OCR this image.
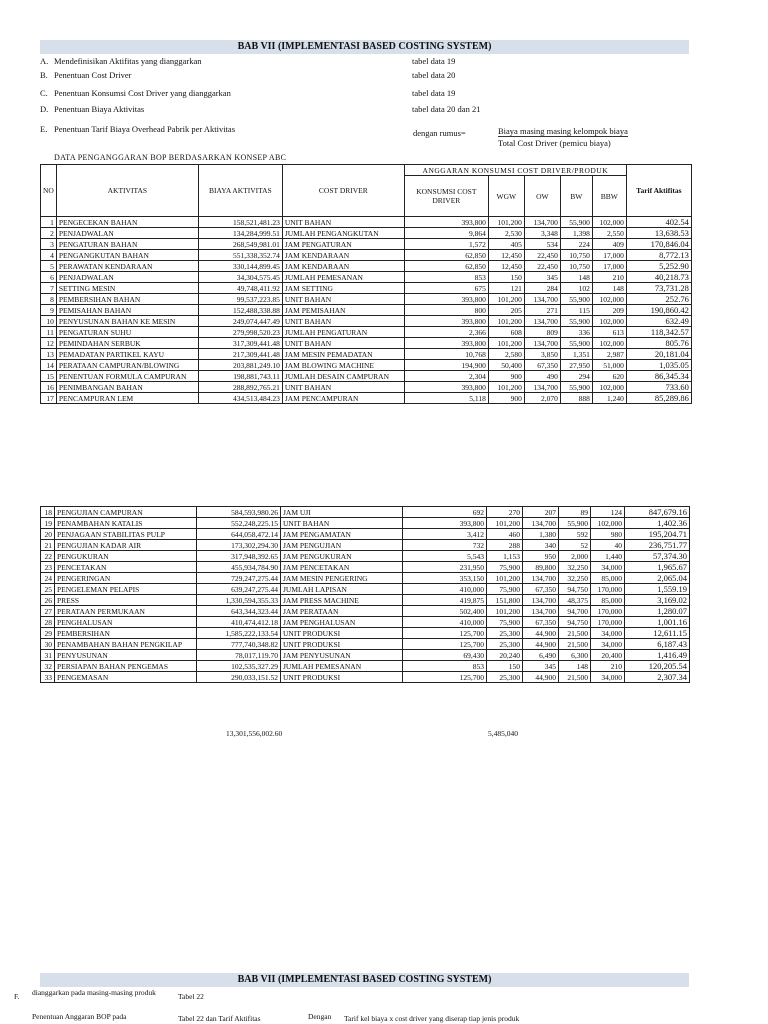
BAB VII (IMPLEMENTASI BASED COSTING SYSTEM)
A. Mendefinisikan Aktifitas yang dianggarkan	tabel data 19
B. Penentuan Cost Driver	tabel data 20
C. Penentuan Konsumsi Cost Driver yang dianggarkan	tabel data 19
D. Penentuan Biaya Aktivitas	tabel data 20 dan 21
E. Penentuan Tarif Biaya Overhead Pabrik per Aktivitas	dengan rumus=	Biaya masing masing kelompok biaya
Total Cost Driver (pemicu biaya)
DATA PENGANGGARAN BOP BERDASARKAN KONSEP ABC
NO	AKTIVITAS	BIAYA AKTIVITAS	COST DRIVER	ANGGARAN KONSUMSI COST DRIVER/PRODUK					Tarif Aktifitas
				KONSUMSI COST DRIVER	WGW	OW	BW	BBW	
1	PENGECEKAN BAHAN	158,521,481.23	UNIT BAHAN	393,800	101,200	134,700	55,900	102,000	402.54
2	PENJADWALAN	134,284,999.51	JUMLAH PENGANGKUTAN	9,864	2,530	3,348	1,398	2,550	13,638.53
3	PENGATURAN BAHAN	268,549,981.01	JAM PENGATURAN	1,572	405	534	224	409	170,846.04
4	PENGANGKUTAN BAHAN	551,338,352.74	JAM KENDARAAN	62,850	12,450	22,450	10,750	17,000	8,772.13
5	PERAWATAN KENDARAAN	330,144,899.45	JAM KENDARAAN	62,850	12,450	22,450	10,750	17,000	5,252.90
6	PENJADWALAN	34,304,575.45	JUMLAH PEMESANAN	853	150	345	148	210	40,218.73
7	SETTING MESIN	49,748,411.92	JAM SETTING	675	121	284	102	148	73,731.28
8	PEMBERSIHAN BAHAN	99,537,223.85	UNIT BAHAN	393,800	101,200	134,700	55,900	102,000	252.76
9	PEMISAHAN BAHAN	152,488,338.88	JAM PEMISAHAN	800	205	271	115	209	190,860.42
10	PENYUSUNAN BAHAN KE MESIN	249,074,447.49	UNIT BAHAN	393,800	101,200	134,700	55,900	102,000	632.49
11	PENGATURAN SUHU	279,998,520.23	JUMLAH PENGATURAN	2,366	608	809	336	613	118,342.57
12	PEMINDAHAN SERBUK	317,309,441.48	UNIT BAHAN	393,800	101,200	134,700	55,900	102,000	805.76
13	PEMADATAN PARTIKEL KAYU	217,309,441.48	JAM MESIN PEMADATAN	10,768	2,580	3,850	1,351	2,987	20,181.04
14	PERATAAN CAMPURAN/BLOWING	203,881,249.10	JAM BLOWING MACHINE	194,900	50,400	67,350	27,950	51,000	1,035.05
15	PENENTUAN FORMULA CAMPURAN	198,881,743.11	JUMLAH DESAIN CAMPURAN	2,304	900	490	294	620	86,345.34
16	PENIMBANGAN BAHAN	288,892,765.21	UNIT BAHAN	393,800	101,200	134,700	55,900	102,000	733.60
17	PENCAMPURAN LEM	434,513,484.23	JAM PENCAMPURAN	5,118	900	2,070	888	1,240	85,289.86
18	PENGUJIAN CAMPURAN	584,593,980.26	JAM UJI	692	270	207	89	124	847,679.16
19	PENAMBAHAN KATALIS	552,248,225.15	UNIT BAHAN	393,800	101,200	134,700	55,900	102,000	1,402.36
20	PENJAGAAN STABILITAS PULP	644,058,472.14	JAM PENGAMATAN	3,412	460	1,380	592	980	195,204.71
21	PENGUJIAN KADAR AIR	173,302,294.30	JAM PENGUJIAN	732	288	340	52	40	236,751.77
22	PENGUKURAN	317,948,392.65	JAM PENGUKURAN	5,543	1,153	950	2,000	1,440	57,374.30
23	PENCETAKAN	455,934,784.90	JAM PENCETAKAN	231,950	75,900	89,800	32,250	34,000	1,965.67
24	PENGERINGAN	729,247,275.44	JAM MESIN PENGERING	353,150	101,200	134,700	32,250	85,000	2,065.04
25	PENGELEMAN PELAPIS	639,247,275.44	JUMLAH LAPISAN	410,000	75,900	67,350	94,750	170,000	1,559.19
26	PRESS	1,330,594,355.33	JAM PRESS MACHINE	419,875	151,800	134,700	48,375	85,000	3,169.02
27	PERATAAN PERMUKAAN	643,344,323.44	JAM PERATAAN	502,400	101,200	134,700	94,700	170,000	1,280.07
28	PENGHALUSAN	410,474,412.18	JAM PENGHALUSAN	410,000	75,900	67,350	94,750	170,000	1,001.16
29	PEMBERSIHAN	1,585,222,133.54	UNIT PRODUKSI	125,700	25,300	44,900	21,500	34,000	12,611.15
30	PENAMBAHAN BAHAN PENGKILAP	777,740,348.82	UNIT PRODUKSI	125,700	25,300	44,900	21,500	34,000	6,187.43
31	PENYUSUNAN	78,017,119.70	JAM PENYUSUNAN	69,430	20,240	6,490	6,300	20,400	1,416.49
32	PERSIAPAN BAHAN PENGEMAS	102,535,327.29	JUMLAH PEMESANAN	853	150	345	148	210	120,205.54
33	PENGEMASAN	290,033,151.52	UNIT PRODUKSI	125,700	25,300	44,900	21,500	34,000	2,307.34
13,301,556,002.60	5,485,040
BAB VII (IMPLEMENTASI BASED COSTING SYSTEM)
F. dianggarkan pada masing-masing produk	Tabel 22
Penentuan Anggaran BOP pada	Tabel 22 dan Tarif Aktifitas	Dengan Tarif kel biaya x cost driver yang diserap tiap jenis produk
